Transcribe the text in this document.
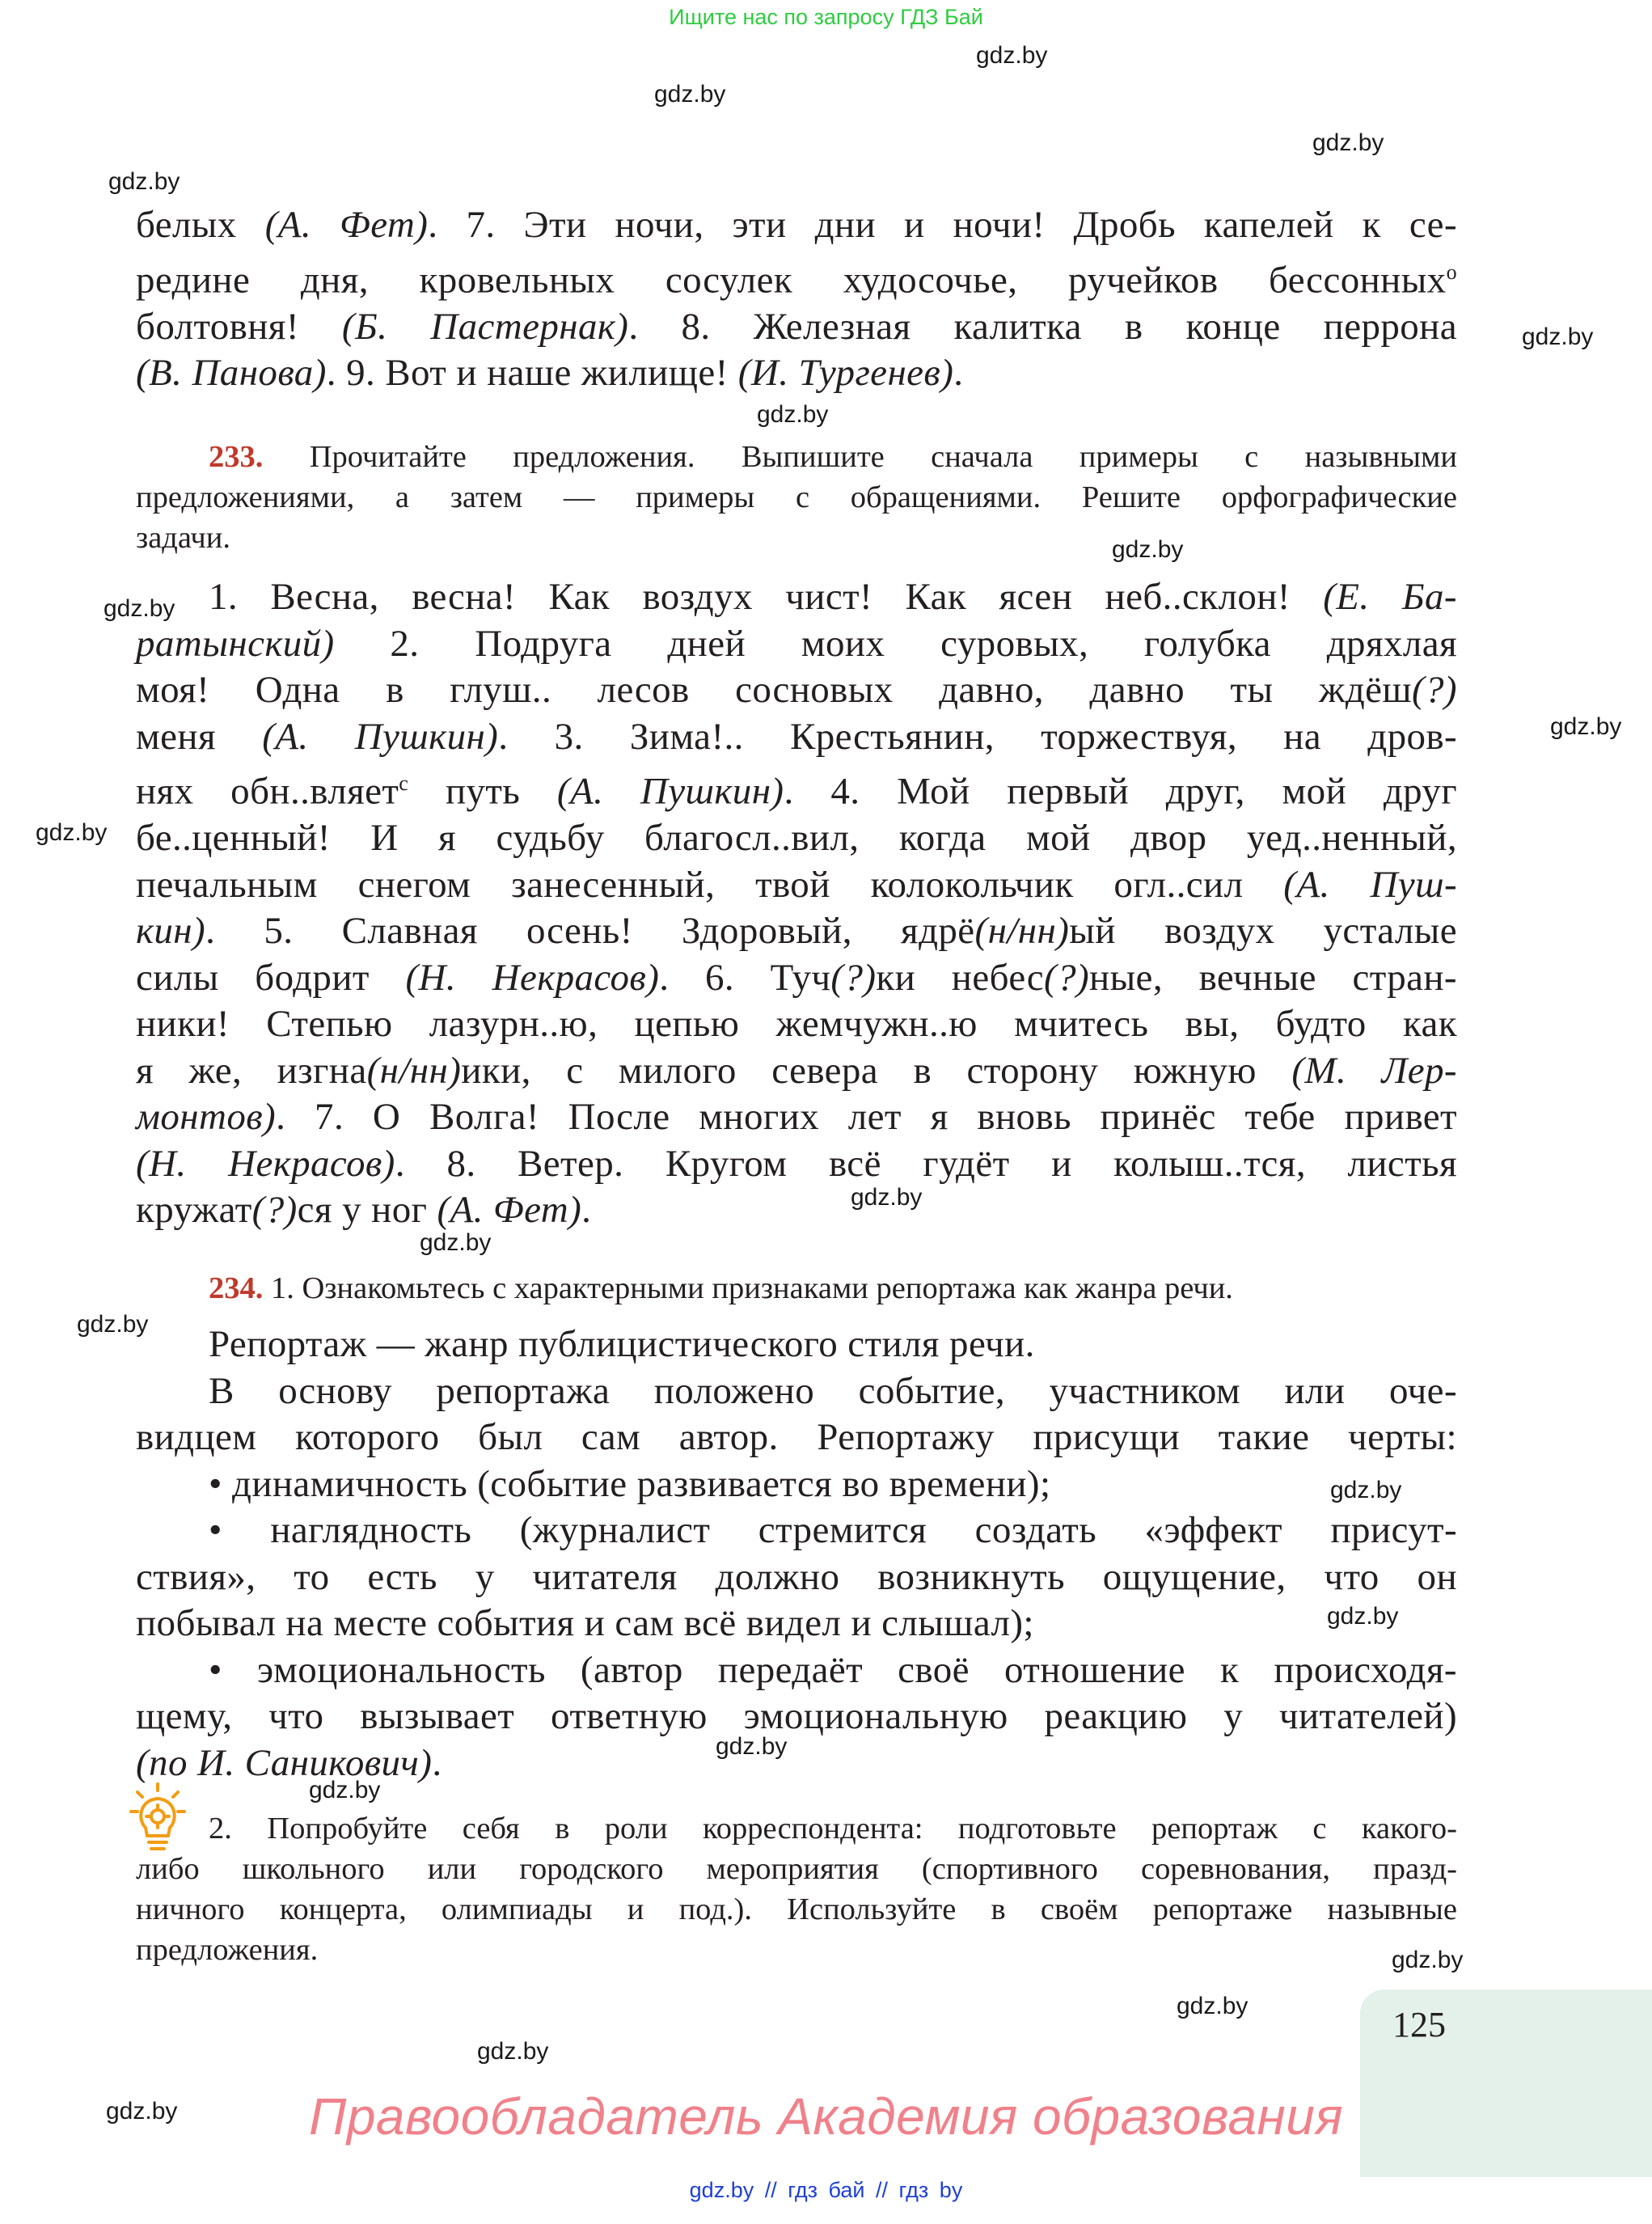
Ищите нас по запросу ГДЗ Бай
gdz.by
gdz.by
gdz.by
gdz.by
gdz.by
gdz.by
gdz.by
gdz.by
gdz.by
gdz.by
gdz.by
gdz.by
gdz.by
gdz.by
gdz.by
gdz.by
gdz.by
gdz.by
gdz.by
gdz.by
gdz.by

белых (А. Фет). 7. Эти ночи, эти дни и ночи! Дробь капелей к се-

редине дня, кровельных сосулек худосочье, ручейков бессонных$^о$

болтовня! (Б. Пастернак). 8. Железная калитка в конце перрона

(В. Панова). 9. Вот и наше жилище! (И. Тургенев).

233. Прочитайте предложения. Выпишите сначала примеры с назывными

предложениями, а затем — примеры с обращениями. Решите орфографические

задачи.

1. Весна, весна! Как воздух чист! Как ясен неб..склон! (Е. Ба-

ратынский) 2. Подруга дней моих суровых, голубка дряхлая

моя! Одна в глуш.. лесов сосновых давно, давно ты ждёш(?)

меня (А. Пушкин). 3. Зима!.. Крестьянин, торжествуя, на дров-

нях обн..вляет$^с$ путь (А. Пушкин). 4. Мой первый друг, мой друг

бе..ценный! И я судьбу благосл..вил, когда мой двор уед..ненный,

печальным снегом занесенный, твой колокольчик огл..сил (А. Пуш-

кин). 5. Славная осень! Здоровый, ядрё(н/нн)ый воздух усталые

силы бодрит (Н. Некрасов). 6. Туч(?)ки небес(?)ные, вечные стран-

ники! Степью лазурн..ю, цепью жемчужн..ю мчитесь вы, будто как

я же, изгна(н/нн)ики, с милого севера в сторону южную (М. Лер-

монтов). 7. О Волга! После многих лет я вновь принёс тебе привет

(Н. Некрасов). 8. Ветер. Кругом всё гудёт и колыш..тся, листья

кружат(?)ся у ног (А. Фет).

234. 1. Ознакомьтесь с характерными признаками репортажа как жанра речи.

Репортаж — жанр публицистического стиля речи.

В основу репортажа положено событие, участником или оче-

видцем которого был сам автор. Репортажу присущи такие черты:

• динамичность (событие развивается во времени);

• наглядность (журналист стремится создать «эффект присут-

ствия», то есть у читателя должно возникнуть ощущение, что он

побывал на месте события и сам всё видел и слышал);

• эмоциональность (автор передаёт своё отношение к происходя-

щему, что вызывает ответную эмоциональную реакцию у читателей)

(по И. Саникович).

2. Попробуйте себя в роли корреспондента: подготовьте репортаж с какого-

либо школьного или городского мероприятия (спортивного соревнования, празд-

ничного концерта, олимпиады и под.). Используйте в своём репортаже назывные

предложения.

125
Правообладатель Академия образования
gdz.by // гдз бай // гдз by
